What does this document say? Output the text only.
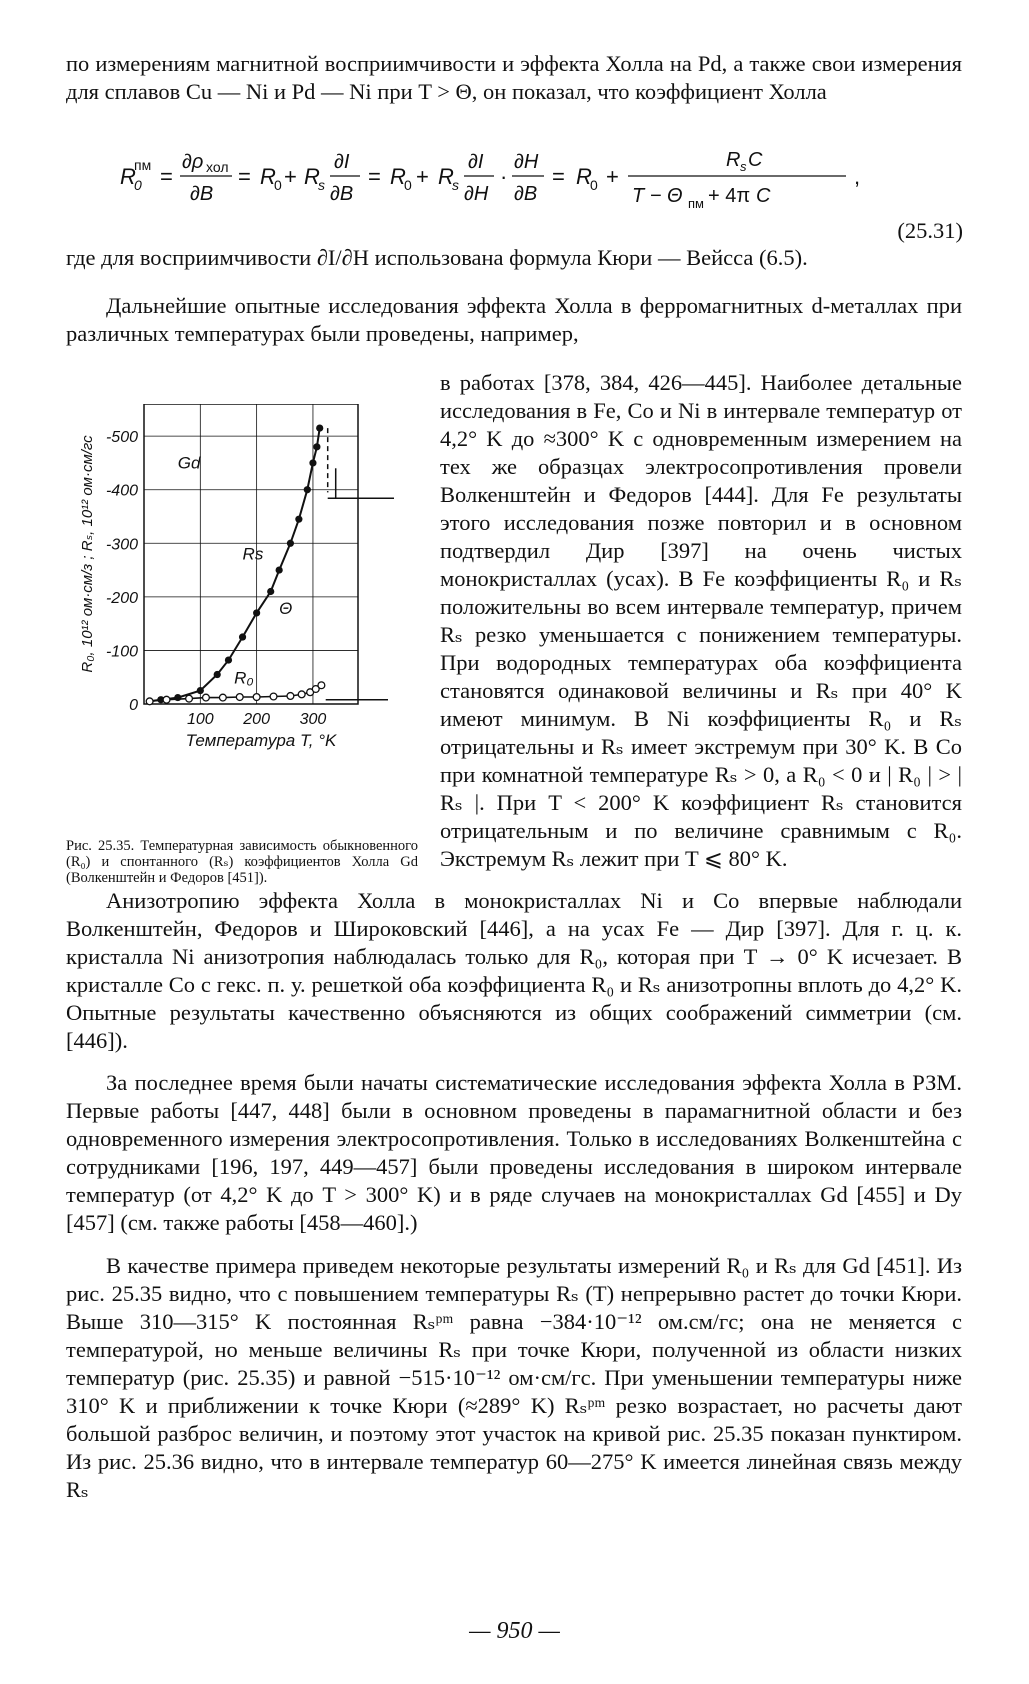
по измерениям магнитной восприимчивости и эффекта Холла на Pd, а также свои измерения для сплавов Cu — Ni и Pd — Ni при T > Θ, он показал, что коэффициент Холла

R
0
пм =
∂ρ хол
∂B
= R
0 + R
s
∂I
∂B
= R
0 + R
s
∂I
∂H
·
∂H
∂B
= R
0 +
R s C
T − Θ пм + 4π C
,
(25.31)

где для восприимчивости ∂I/∂H использована формула Кюри — Вейсса (6.5).

Дальнейшие опытные исследования эффекта Холла в ферромагнитных d-металлах при различных температурах были проведены, например,

в работах [378, 384, 426—445]. Наиболее детальные исследования в Fe, Co и Ni в интервале температур от 4,2° K до ≈300° K с одновременным измерением на тех же образцах электросопротивления провели Волкенштейн и Федоров [444]. Для Fe результаты этого исследования позже повторил и в основном подтвердил Дир [397] на очень чистых монокристаллах (усах). В Fe коэффициенты R₀ и Rₛ положительны во всем интервале температур, причем Rₛ резко уменьшается с понижением температуры. При водородных температурах оба коэффициента становятся одинаковой величины и Rₛ при 40° K имеют минимум. В Ni коэффициенты R₀ и Rₛ отрицательны и Rₛ имеет экстремум при 30° K. В Co при комнатной температуре Rₛ > 0, а R₀ < 0 и | R₀ | > | Rₛ |. При T < 200° K коэффициент Rₛ становится отрицательным и по величине сравнимым с R₀. Экстремум Rₛ лежит при T ⩽ 80° K.

0
-100
-200
-300
-400
-500
100 200 300
Температура T, °K
R₀, 10¹² ом·см/з ; Rₛ, 10¹² ом·см/гс	Gd
Rs
Θ
R₀
Рис. 25.35. Температурная зависимость обыкновенного (R₀) и спонтанного (Rₛ) коэффициентов Холла Gd (Волкенштейн и Федоров [451]).

Анизотропию эффекта Холла в монокристаллах Ni и Co впервые наблюдали Волкенштейн, Федоров и Широковский [446], а на усах Fe — Дир [397]. Для г. ц. к. кристалла Ni анизотропия наблюдалась только для R₀, которая при T → 0° K исчезает. В кристалле Co с гекс. п. у. решеткой оба коэффициента R₀ и Rₛ анизотропны вплоть до 4,2° K. Опытные результаты качественно объясняются из общих соображений симметрии (см. [446]).

За последнее время были начаты систематические исследования эффекта Холла в РЗМ. Первые работы [447, 448] были в основном проведены в парамагнитной области и без одновременного измерения электросопротивления. Только в исследованиях Волкенштейна с сотрудниками [196, 197, 449—457] были проведены исследования в широком интервале температур (от 4,2° K до T > 300° K) и в ряде случаев на монокристаллах Gd [455] и Dy [457] (см. также работы [458—460].)

В качестве примера приведем некоторые результаты измерений R₀ и Rₛ для Gd [451]. Из рис. 25.35 видно, что с повышением температуры Rₛ (T) непрерывно растет до точки Кюри. Выше 310—315° K постоянная Rₛᵖᵐ равна −384·10⁻¹² ом.см/гс; она не меняется с температурой, но меньше величины Rₛ при точке Кюри, полученной из области низких температур (рис. 25.35) и равной −515·10⁻¹² ом·см/гс. При уменьшении температуры ниже 310° K и приближении к точке Кюри (≈289° K) Rₛᵖᵐ резко возрастает, но расчеты дают большой разброс величин, и поэтому этот участок на кривой рис. 25.35 показан пунктиром. Из рис. 25.36 видно, что в интервале температур 60—275° K имеется линейная связь между Rₛ

— 950 —
